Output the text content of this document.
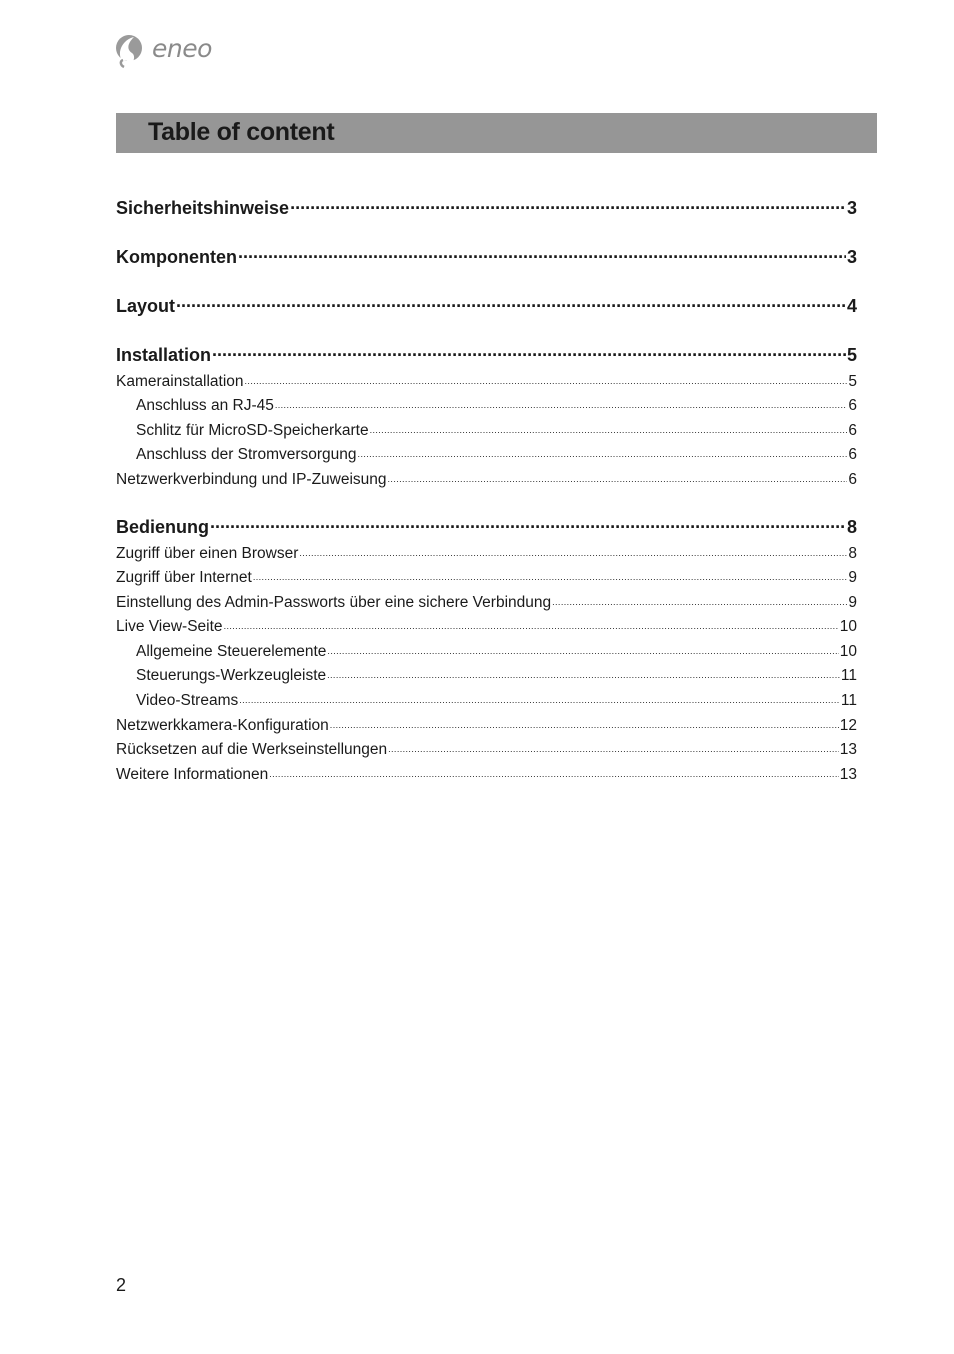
eneo
Table of content
Sicherheitshinweise .....	3
Komponenten .....	3
Layout .....	4
Installation .....	5
Kamerainstallation .....	5
Anschluss an RJ-45 .....	6
Schlitz für MicroSD-Speicherkarte .....	6
Anschluss der Stromversorgung .....	6
Netzwerkverbindung und IP-Zuweisung .....	6
Bedienung .....	8
Zugriff über einen Browser .....	8
Zugriff über Internet .....	9
Einstellung des Admin-Passworts über eine sichere Verbindung .....	9
Live View-Seite .....	10
Allgemeine Steuerelemente .....	10
Steuerungs-Werkzeugleiste .....	11
Video-Streams .....	11
Netzwerkkamera-Konfiguration .....	12
Rücksetzen auf die Werkseinstellungen .....	13
Weitere Informationen .....	13
2
